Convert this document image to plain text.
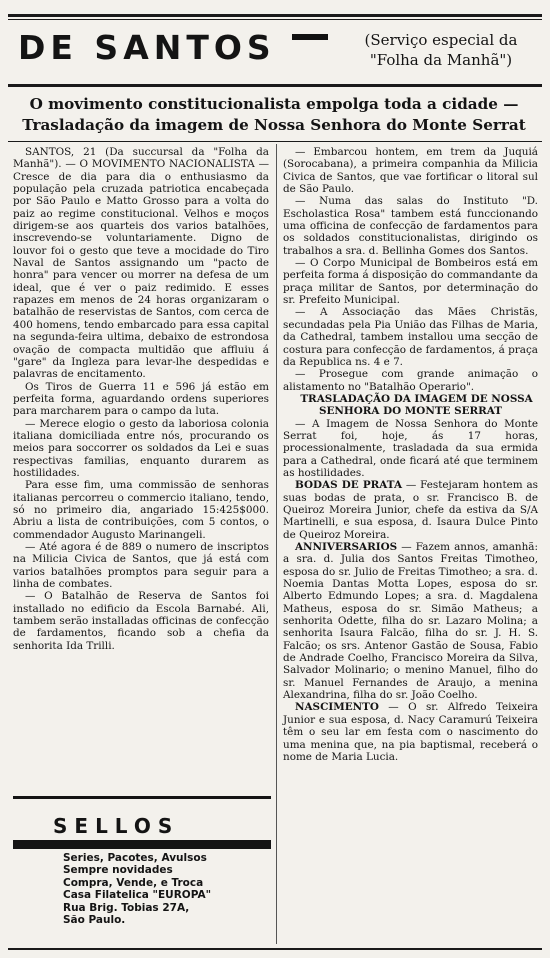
DE SANTOS	(Serviço especial da
"Folha da Manhã")
O movimento constitucionalista empolga toda a cidade — Trasladação da imagem de Nossa Senhora do Monte Serrat

SANTOS, 21 (Da succursal da "Folha da Manhã"). — O MOVIMENTO NACIONALISTA — Cresce de dia para dia o enthusiasmo da população pela cruzada patriotica encabeçada por São Paulo e Matto Grosso para a volta do paiz ao regime constitucional. Velhos e moços dirigem-se aos quarteis dos varios batalhões, inscrevendo-se voluntariamente. Digno de louvor foi o gesto que teve a mocidade do Tiro Naval de Santos assignando um "pacto de honra" para vencer ou morrer na defesa de um ideal, que é ver o paiz redimido. E esses rapazes em menos de 24 horas organizaram o batalhão de reservistas de Santos, com cerca de 400 homens, tendo embarcado para essa capital na segunda-feira ultima, debaixo de estrondosa ovação de compacta multidão que affluiu á "gare" da Ingleza para levar-lhe despedidas e palavras de encitamento.

Os Tiros de Guerra 11 e 596 já estão em perfeita forma, aguardando ordens superiores para marcharem para o campo da luta.

— Merece elogio o gesto da laboriosa colonia italiana domiciliada entre nós, procurando os meios para soccorrer os soldados da Lei e suas respectivas familias, enquanto durarem as hostilidades.

Para esse fim, uma commissão de senhoras italianas percorreu o commercio italiano, tendo, só no primeiro dia, angariado 15:425$000. Abriu a lista de contribuições, com 5 contos, o commendador Augusto Marinangeli.

— Até agora é de 889 o numero de inscriptos na Milicia Civica de Santos, que já está com varios batalhões promptos para seguir para a linha de combates.

— O Batalhão de Reserva de Santos foi installado no edificio da Escola Barnabé. Ali, tambem serão installadas officinas de confecção de fardamentos, ficando sob a chefia da senhorita Ida Trilli.

— Embarcou hontem, em trem da Juquiá (Sorocabana), a primeira companhia da Milicia Civica de Santos, que vae fortificar o litoral sul de São Paulo.

— Numa das salas do Instituto "D. Escholastica Rosa" tambem está funccionando uma officina de confecção de fardamentos para os soldados constitucionalistas, dirigindo os trabalhos a sra. d. Bellinha Gomes dos Santos.

— O Corpo Municipal de Bombeiros está em perfeita forma á disposição do commandante da praça militar de Santos, por determinação do sr. Prefeito Municipal.

— A Associação das Mães Christãs, secundadas pela Pia União das Filhas de Maria, da Cathedral, tambem installou uma secção de costura para confecção de fardamentos, á praça da Republica ns. 4 e 7.

— Prosegue com grande animação o alistamento no "Batalhão Operario".

TRASLADAÇÃO DA IMAGEM DE NOSSA SENHORA DO MONTE SERRAT

— A Imagem de Nossa Senhora do Monte Serrat foi, hoje, ás 17 horas, processionalmente, trasladada da sua ermida para a Cathedral, onde ficará até que terminem as hostilidades.

BODAS DE PRATA — Festejaram hontem as suas bodas de prata, o sr. Francisco B. de Queiroz Moreira Junior, chefe da estiva da S/A Martinelli, e sua esposa, d. Isaura Dulce Pinto de Queiroz Moreira.

ANNIVERSARIOS — Fazem annos, amanhã: a sra. d. Julia dos Santos Freitas Timotheo, esposa do sr. Julio de Freitas Timotheo; a sra. d. Noemia Dantas Motta Lopes, esposa do sr. Alberto Edmundo Lopes; a sra. d. Magdalena Matheus, esposa do sr. Simão Matheus; a senhorita Odette, filha do sr. Lazaro Molina; a senhorita Isaura Falcão, filha do sr. J. H. S. Falcão; os srs. Antenor Gastão de Sousa, Fabio de Andrade Coelho, Francisco Moreira da Silva, Salvador Molinario; o menino Manuel, filho do sr. Manuel Fernandes de Araujo, a menina Alexandrina, filha do sr. João Coelho.

NASCIMENTO — O sr. Alfredo Teixeira Junior e sua esposa, d. Nacy Caramurú Teixeira têm o seu lar em festa com o nascimento do uma menina que, na pia baptismal, receberá o nome de Maria Lucia.

SELLOS
Series, Pacotes, Avulsos
Sempre novidades
Compra, Vende, e Troca
Casa Filatelica "EUROPA"
Rua Brig. Tobias 27A,
São Paulo.
